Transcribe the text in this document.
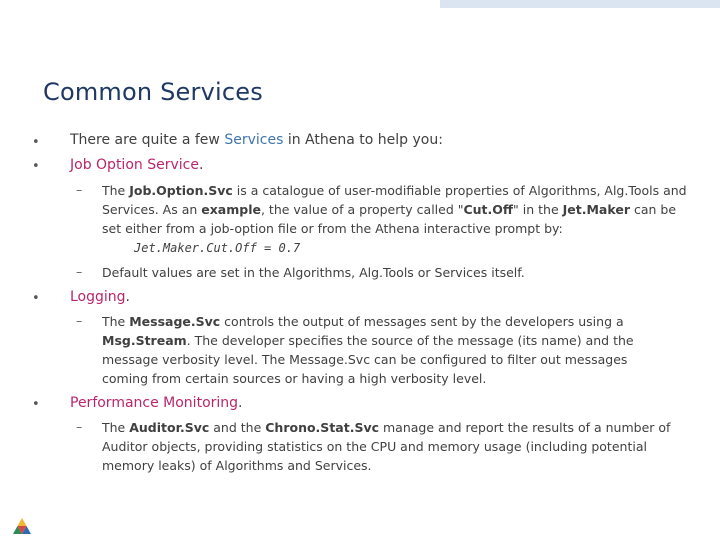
Common Services
• There are quite a few Services in Athena to help you:
• Job Option Service.
– The Job.Option.Svc is a catalogue of user-modifiable properties of Algorithms, Alg.Tools and Services. As an example, the value of a property called "Cut.Off" in the Jet.Maker can be set either from a job-option file or from the Athena interactive prompt by:
Jet.Maker.Cut.Off = 0.7
– Default values are set in the Algorithms, Alg.Tools or Services itself.
• Logging.
– The Message.Svc controls the output of messages sent by the developers using a Msg.Stream. The developer specifies the source of the message (its name) and the message verbosity level. The Message.Svc can be configured to filter out messages coming from certain sources or having a high verbosity level.
• Performance Monitoring.
– The Auditor.Svc and the Chrono.Stat.Svc manage and report the results of a number of Auditor objects, providing statistics on the CPU and memory usage (including potential memory leaks) of Algorithms and Services.
